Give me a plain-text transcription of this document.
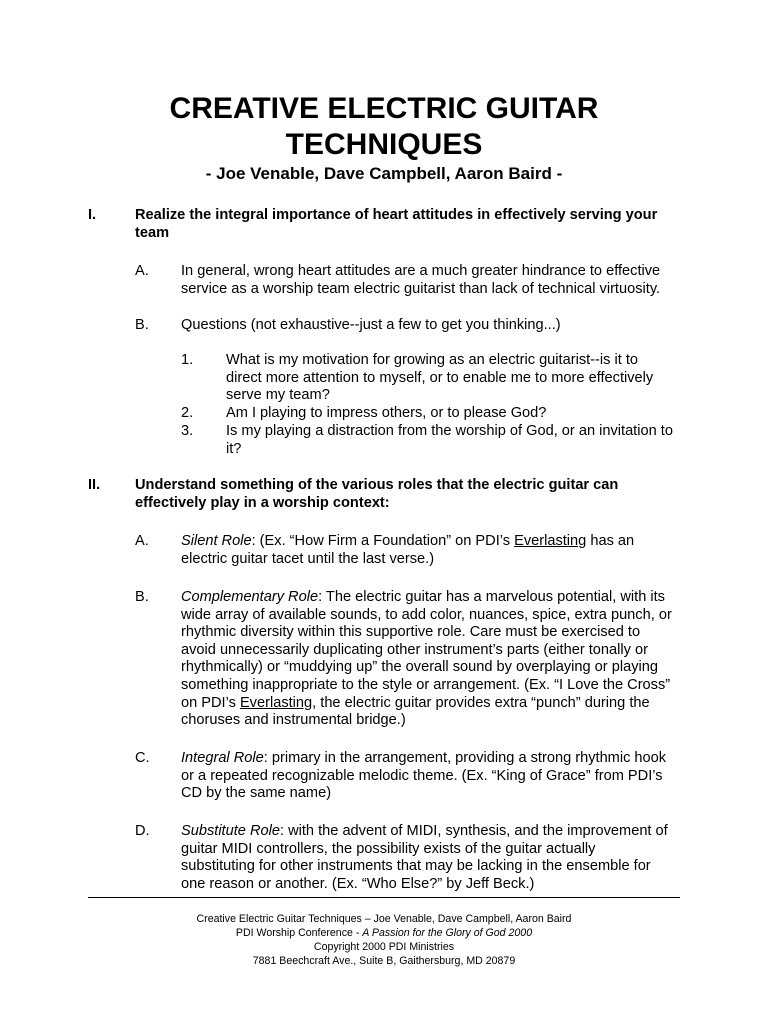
CREATIVE ELECTRIC GUITAR
TECHNIQUES
- Joe Venable, Dave Campbell, Aaron Baird -
I.	Realize the integral importance of heart attitudes in effectively serving your team
A. In general, wrong heart attitudes are a much greater hindrance to effective service as a worship team electric guitarist than lack of technical virtuosity.
B. Questions (not exhaustive--just a few to get you thinking...)
1. What is my motivation for growing as an electric guitarist--is it to direct more attention to myself, or to enable me to more effectively serve my team?
2. Am I playing to impress others, or to please God?
3. Is my playing a distraction from the worship of God, or an invitation to it?
II. Understand something of the various roles that the electric guitar can effectively play in a worship context:
A. Silent Role: (Ex. “How Firm a Foundation” on PDI’s Everlasting has an electric guitar tacet until the last verse.)
B. Complementary Role: The electric guitar has a marvelous potential, with its wide array of available sounds, to add color, nuances, spice, extra punch, or rhythmic diversity within this supportive role. Care must be exercised to avoid unnecessarily duplicating other instrument’s parts (either tonally or rhythmically) or “muddying up” the overall sound by overplaying or playing something inappropriate to the style or arrangement. (Ex. “I Love the Cross” on PDI’s Everlasting, the electric guitar provides extra “punch” during the choruses and instrumental bridge.)
C. Integral Role: primary in the arrangement, providing a strong rhythmic hook or a repeated recognizable melodic theme. (Ex. “King of Grace” from PDI’s CD by the same name)
D. Substitute Role: with the advent of MIDI, synthesis, and the improvement of guitar MIDI controllers, the possibility exists of the guitar actually substituting for other instruments that may be lacking in the ensemble for one reason or another. (Ex. “Who Else?” by Jeff Beck.)
Creative Electric Guitar Techniques – Joe Venable, Dave Campbell, Aaron Baird
PDI Worship Conference - A Passion for the Glory of God 2000
Copyright 2000 PDI Ministries
7881 Beechcraft Ave., Suite B, Gaithersburg, MD 20879
